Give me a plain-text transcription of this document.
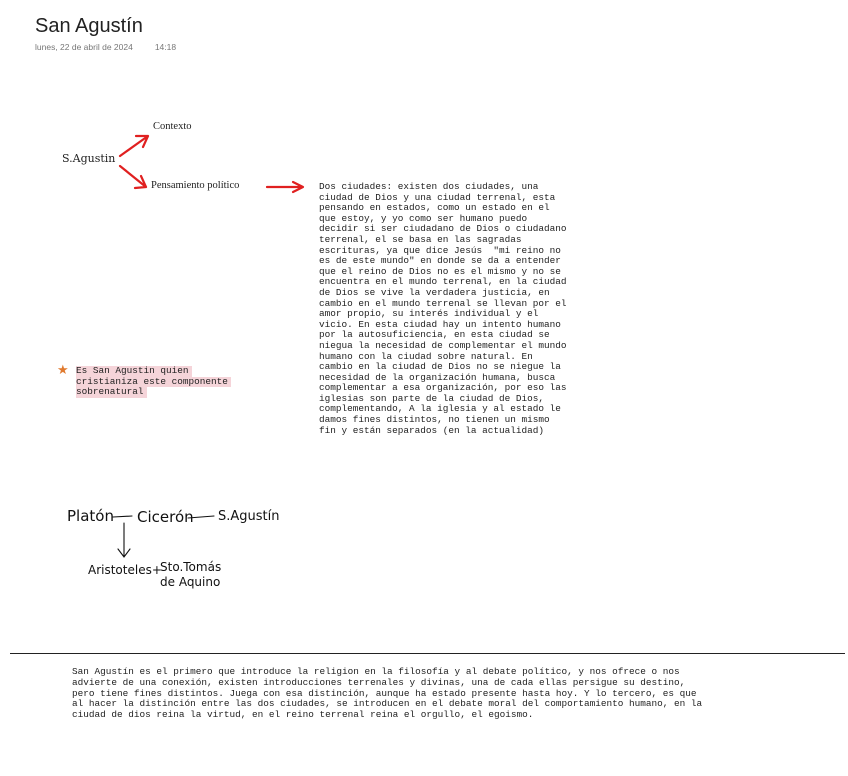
San Agustín
lunes, 22 de abril de 2024	14:18
S.Agustin
Contexto
Pensamiento político	Dos ciudades: existen dos ciudades, una
ciudad de Dios y una ciudad terrenal, esta
pensando en estados, como un estado en el
que estoy, y yo como ser humano puedo
decidir si ser ciudadano de Dios o ciudadano
terrenal, el se basa en las sagradas
escrituras, ya que dice Jesús  "mi reino no
es de este mundo" en donde se da a entender
que el reino de Dios no es el mismo y no se
encuentra en el mundo terrenal, en la ciudad
de Dios se vive la verdadera justicia, en
cambio en el mundo terrenal se llevan por el
amor propio, su interés individual y el
vicio. En esta ciudad hay un intento humano
por la autosuficiencia, en esta ciudad se
niegua la necesidad de complementar el mundo
humano con la ciudad sobre natural. En
cambio en la ciudad de Dios no se niegue la
necesidad de la organización humana, busca
complementar a esa organización, por eso las
iglesias son parte de la ciudad de Dios,
complementando, A la iglesia y al estado le
damos fines distintos, no tienen un mismo
fin y están separados (en la actualidad)
★ Es San Agustin quien
cristianiza este componente
sobrenatural
Platón Cicerón S.Agustín
Aristoteles+
Sto.Tomás
de Aquino
San Agustín es el primero que introduce la religion en la filosofía y al debate político, y nos ofrece o nos
advierte de una conexión, existen introducciones terrenales y divinas, una de cada ellas persigue su destino,
pero tiene fines distintos. Juega con esa distinción, aunque ha estado presente hasta hoy. Y lo tercero, es que
al hacer la distinción entre las dos ciudades, se introducen en el debate moral del comportamiento humano, en la
ciudad de dios reina la virtud, en el reino terrenal reina el orgullo, el egoismo.
